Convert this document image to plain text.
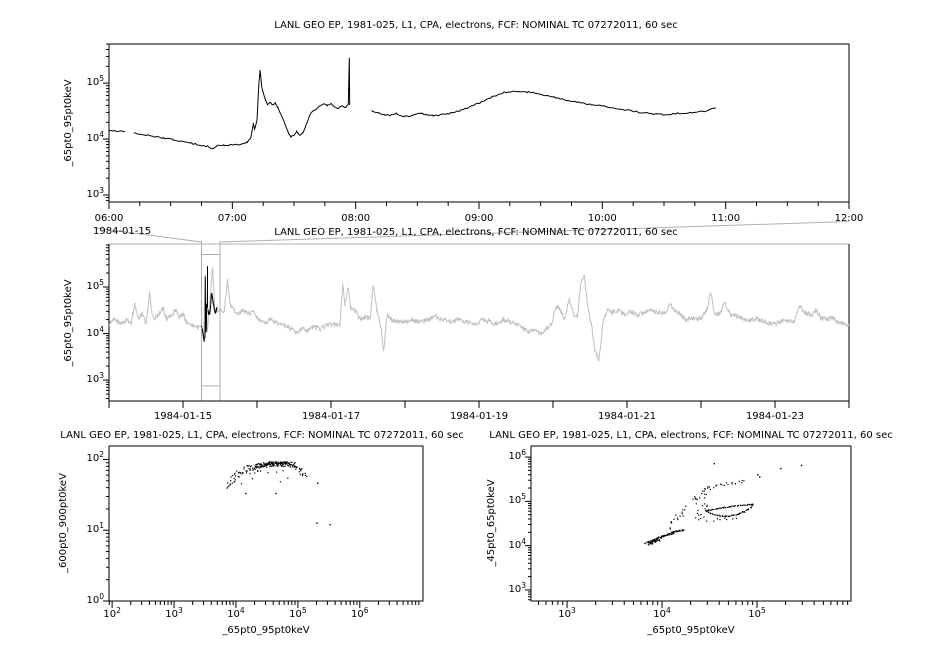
LANL GEO EP, 1981-025, L1, CPA, electrons, FCF: NOMINAL TC 07272011, 60 sec
LANL GEO EP, 1981-025, L1, CPA, electrons, FCF: NOMINAL TC 07272011, 60 sec
LANL GEO EP, 1981-025, L1, CPA, electrons, FCF: NOMINAL TC 07272011, 60 sec	LANL GEO EP, 1981-025, L1, CPA, electrons, FCF: NOMINAL TC 07272011, 60 sec
_65pt0_95pt0keV
_65pt0_95pt0keV
_600pt0_900pt0keV	_45pt0_65pt0keV
_65pt0_95pt0keV	_65pt0_95pt0keV
1984-01-15
$10^3$
$10^4$
$10^5$
06:00	07:00	08:00	09:00	10:00	11:00	12:00
$10^3$
$10^4$
$10^5$
1984-01-15	1984-01-17	1984-01-19	1984-01-21	1984-01-23
$10^0$
$10^1$
$10^2$
$10^2$	$10^3$	$10^4$	$10^5$	$10^6$
$10^3$
$10^4$
$10^5$
$10^6$
$10^3$	$10^4$	$10^5$
